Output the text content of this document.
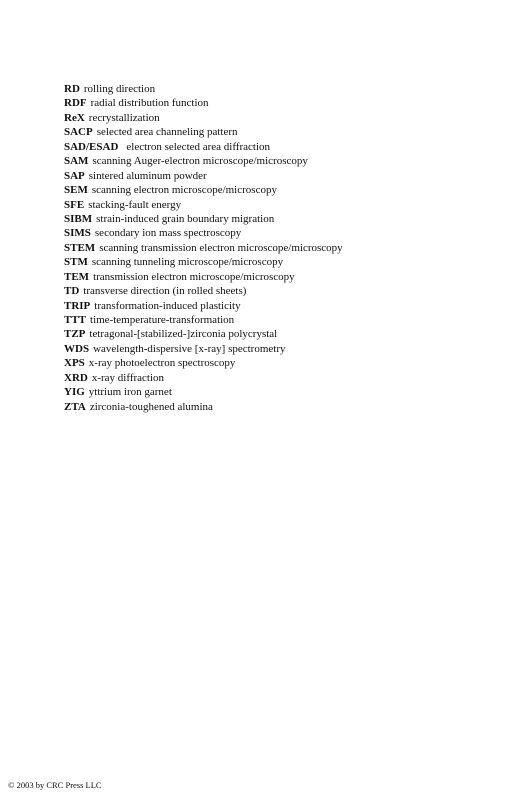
RD rolling direction
RDF radial distribution function
ReX recrystallization
SACP selected area channeling pattern
SAD/ESAD electron selected area diffraction
SAM scanning Auger-electron microscope/microscopy
SAP sintered aluminum powder
SEM scanning electron microscope/microscopy
SFE stacking-fault energy
SIBM strain-induced grain boundary migration
SIMS secondary ion mass spectroscopy
STEM scanning transmission electron microscope/microscopy
STM scanning tunneling microscope/microscopy
TEM transmission electron microscope/microscopy
TD transverse direction (in rolled sheets)
TRIP transformation-induced plasticity
TTT time-temperature-transformation
TZP tetragonal-[stabilized-]zirconia polycrystal
WDS wavelength-dispersive [x-ray] spectrometry
XPS x-ray photoelectron spectroscopy
XRD x-ray diffraction
YIG yttrium iron garnet
ZTA zirconia-toughened alumina
© 2003 by CRC Press LLC
